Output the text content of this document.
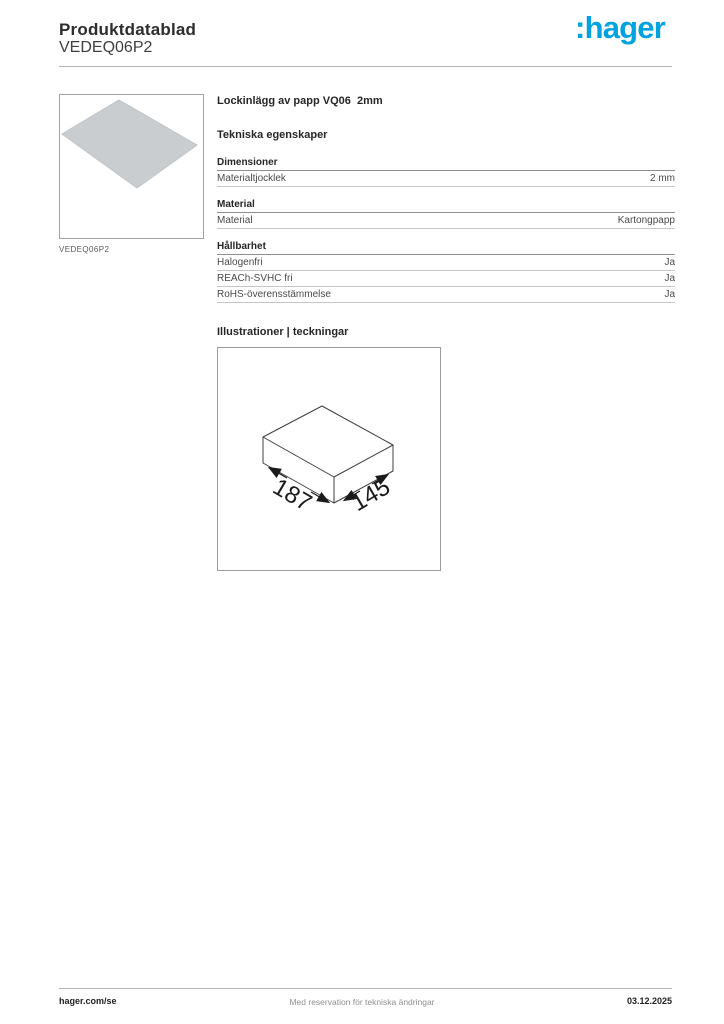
Produktdatablad
VEDEQ06P2
:hager
VEDEQ06P2
Lockinlägg av papp VQ06  2mm
Tekniska egenskaper
Dimensioner
Materialtjocklek	2 mm
Material
Material	Kartongpapp
Hållbarhet
Halogenfri	Ja
REACh-SVHC fri	Ja
RoHS-överensstämmelse	Ja
Illustrationer | teckningar
187 145
hager.com/se	Med reservation för tekniska ändringar	03.12.2025
